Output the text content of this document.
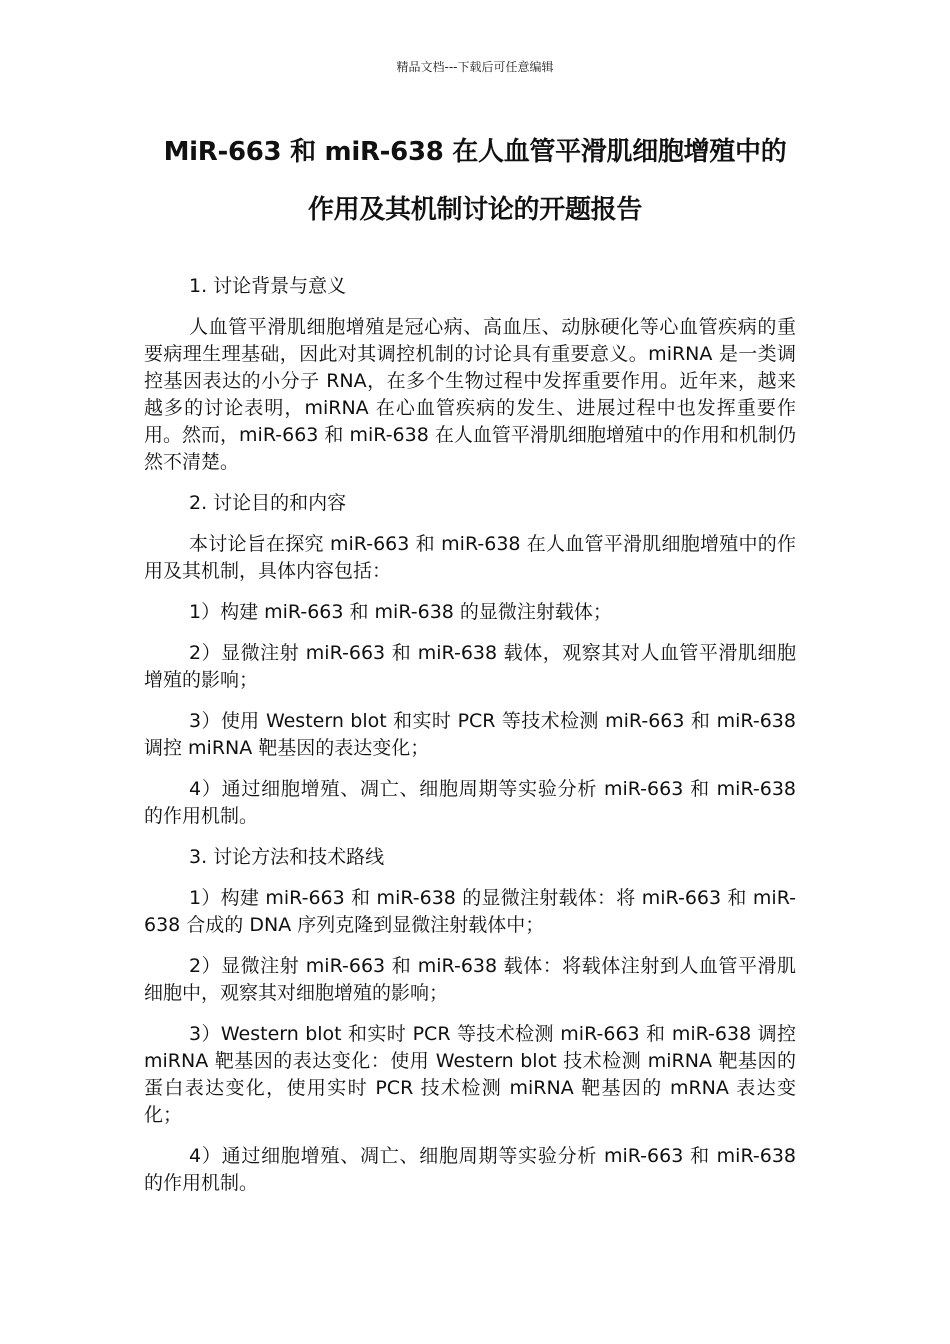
精品文档---下载后可任意编辑
MiR-663 和 miR-638 在人血管平滑肌细胞增殖中的
作用及其机制讨论的开题报告

1. 讨论背景与意义

人血管平滑肌细胞增殖是冠心病、高血压、动脉硬化等心血管疾病的重要病理生理基础，因此对其调控机制的讨论具有重要意义。miRNA 是一类调控基因表达的小分子 RNA，在多个生物过程中发挥重要作用。近年来，越来越多的讨论表明，miRNA 在心血管疾病的发生、进展过程中也发挥重要作用。然而，miR-663 和 miR-638 在人血管平滑肌细胞增殖中的作用和机制仍然不清楚。

2. 讨论目的和内容

本讨论旨在探究 miR-663 和 miR-638 在人血管平滑肌细胞增殖中的作用及其机制，具体内容包括：

1）构建 miR-663 和 miR-638 的显微注射载体；

2）显微注射 miR-663 和 miR-638 载体，观察其对人血管平滑肌细胞增殖的影响；

3）使用 Western blot 和实时 PCR 等技术检测 miR-663 和 miR-638 调控 miRNA 靶基因的表达变化；

4）通过细胞增殖、凋亡、细胞周期等实验分析 miR-663 和 miR-638 的作用机制。

3. 讨论方法和技术路线

1）构建 miR-663 和 miR-638 的显微注射载体：将 miR-663 和 miR-638 合成的 DNA 序列克隆到显微注射载体中；

2）显微注射 miR-663 和 miR-638 载体：将载体注射到人血管平滑肌细胞中，观察其对细胞增殖的影响；

3）Western blot 和实时 PCR 等技术检测 miR-663 和 miR-638 调控 miRNA 靶基因的表达变化：使用 Western blot 技术检测 miRNA 靶基因的蛋白表达变化，使用实时 PCR 技术检测 miRNA 靶基因的 mRNA 表达变化；

4）通过细胞增殖、凋亡、细胞周期等实验分析 miR-663 和 miR-638 的作用机制。
